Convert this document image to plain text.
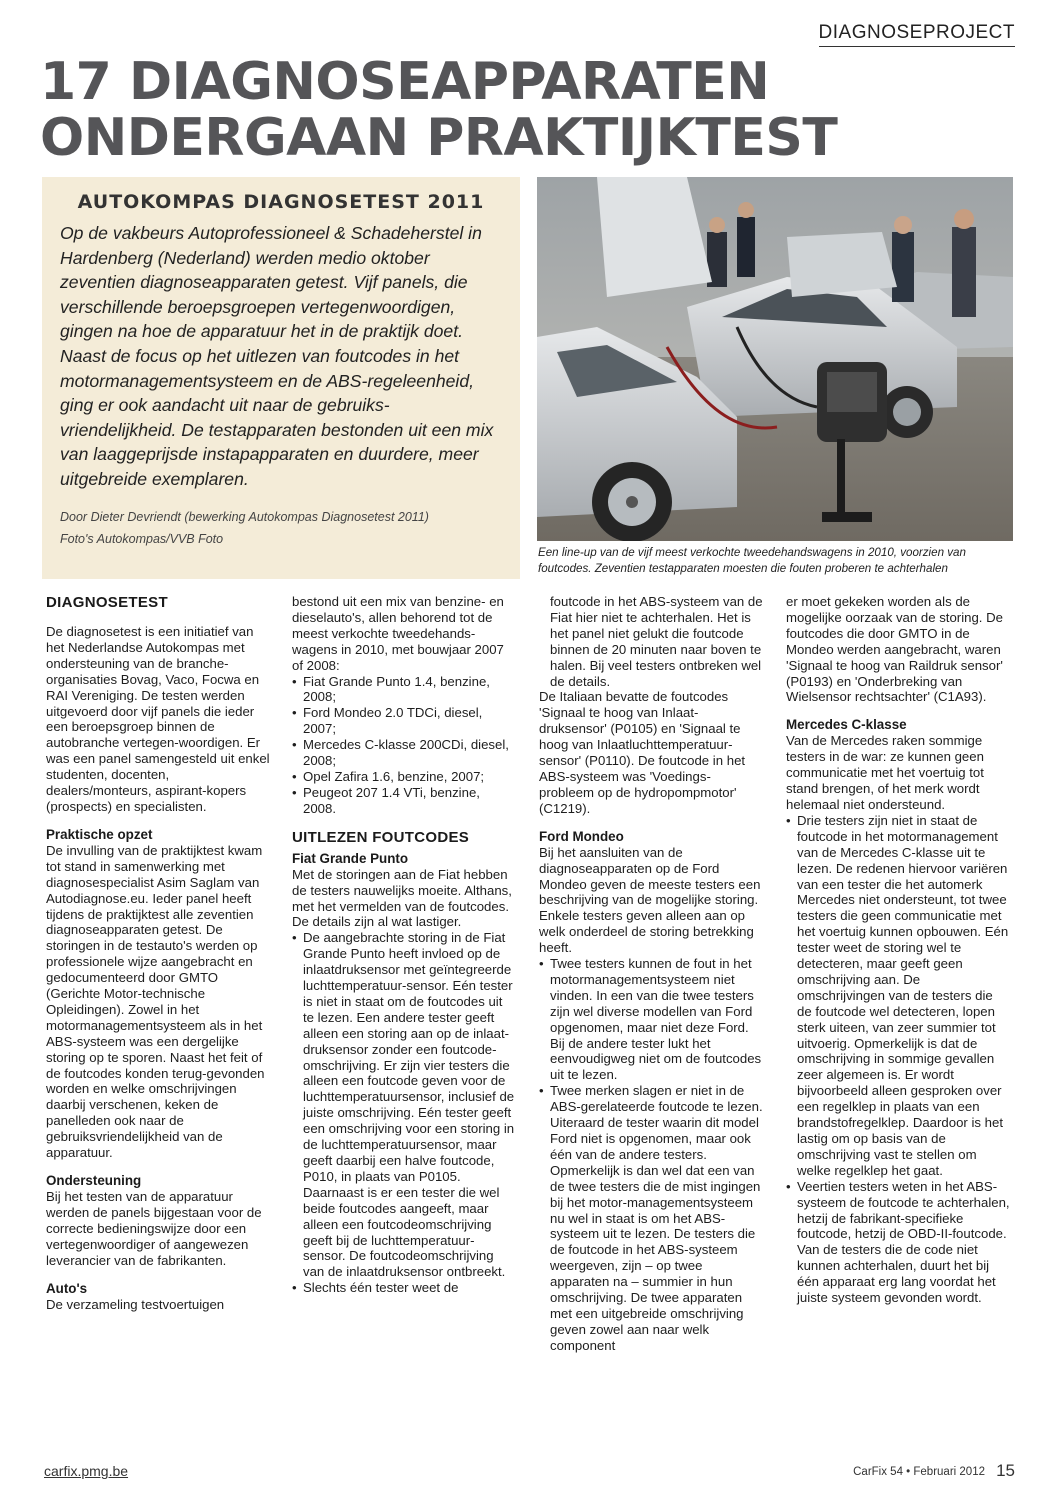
DIAGNOSEPROJECT
17 DIAGNOSEAPPARATEN
ONDERGAAN PRAKTIJKTEST
AUTOKOMPAS DIAGNOSETEST 2011
Op de vakbeurs Autoprofessioneel & Schadeherstel in Hardenberg (Nederland) werden medio oktober zeventien diagnoseapparaten getest. Vijf panels, die verschillende beroepsgroepen vertegenwoordigen, gingen na hoe de apparatuur het in de praktijk doet. Naast de focus op het uitlezen van foutcodes in het motormanagementsysteem en de ABS-regeleenheid, ging er ook aandacht uit naar de gebruiks-vriendelijkheid. De testapparaten bestonden uit een mix van laaggeprijsde instapapparaten en duurdere, meer uitgebreide exemplaren.
Door Dieter Devriendt (bewerking Autokompas Diagnosetest 2011)
Foto's Autokompas/VVB Foto
Een line-up van de vijf meest verkochte tweedehandswagens in 2010, voorzien van foutcodes. Zeventien testapparaten moesten die fouten proberen te achterhalen
DIAGNOSETEST

De diagnosetest is een initiatief van het Nederlandse Autokompas met ondersteuning van de branche-organisaties Bovag, Vaco, Focwa en RAI Vereniging. De testen werden uitgevoerd door vijf panels die ieder een beroepsgroep binnen de autobranche vertegen-woordigen. Er was een panel samengesteld uit enkel studenten, docenten, dealers/monteurs, aspirant-kopers (prospects) en specialisten.

Praktische opzet

De invulling van de praktijktest kwam tot stand in samenwerking met diagnosespecialist Asim Saglam van Autodiagnose.eu. Ieder panel heeft tijdens de praktijktest alle zeventien diagnoseapparaten getest. De storingen in de testauto's werden op professionele wijze aangebracht en gedocumenteerd door GMTO (Gerichte Motor-technische Opleidingen). Zowel in het motormanagementsysteem als in het ABS-systeem was een dergelijke storing op te sporen. Naast het feit of de foutcodes konden terug-gevonden worden en welke omschrijvingen daarbij verschenen, keken de panelleden ook naar de gebruiksvriendelijkheid van de apparatuur.

Ondersteuning

Bij het testen van de apparatuur werden de panels bijgestaan voor de correcte bedieningswijze door een vertegenwoordiger of aangewezen leverancier van de fabrikanten.

Auto's

De verzameling testvoertuigen

bestond uit een mix van benzine- en dieselauto's, allen behorend tot de meest verkochte tweedehands-wagens in 2010, met bouwjaar 2007 of 2008:

• Fiat Grande Punto 1.4, benzine, 2008;
• Ford Mondeo 2.0 TDCi, diesel, 2007;
• Mercedes C-klasse 200CDi, diesel, 2008;
• Opel Zafira 1.6, benzine, 2007;
• Peugeot 207 1.4 VTi, benzine, 2008.
UITLEZEN FOUTCODES
Fiat Grande Punto

Met de storingen aan de Fiat hebben de testers nauwelijks moeite. Althans, met het vermelden van de foutcodes. De details zijn al wat lastiger.

• De aangebrachte storing in de Fiat Grande Punto heeft invloed op de inlaatdruksensor met geïntegreerde luchttemperatuur-sensor. Eén tester is niet in staat om de foutcodes uit te lezen. Een andere tester geeft alleen een storing aan op de inlaat-druksensor zonder een foutcode-omschrijving. Er zijn vier testers die alleen een foutcode geven voor de luchttemperatuursensor, inclusief de juiste omschrijving. Eén tester geeft een omschrijving voor een storing in de luchttemperatuursensor, maar geeft daarbij een halve foutcode, P010, in plaats van P0105. Daarnaast is er een tester die wel beide foutcodes aangeeft, maar alleen een foutcodeomschrijving geeft bij de luchttemperatuur-sensor. De foutcodeomschrijving van de inlaatdruksensor ontbreekt.
• Slechts één tester weet de

foutcode in het ABS-systeem van de Fiat hier niet te achterhalen. Het is het panel niet gelukt die foutcode binnen de 20 minuten naar boven te halen. Bij veel testers ontbreken wel de details.

De Italiaan bevatte de foutcodes 'Signaal te hoog van Inlaat-druksensor' (P0105) en 'Signaal te hoog van Inlaatluchttemperatuur-sensor' (P0110). De foutcode in het ABS-systeem was 'Voedings-probleem op de hydropompmotor' (C1219).

Ford Mondeo

Bij het aansluiten van de diagnoseapparaten op de Ford Mondeo geven de meeste testers een beschrijving van de mogelijke storing. Enkele testers geven alleen aan op welk onderdeel de storing betrekking heeft.

• Twee testers kunnen de fout in het motormanagementsysteem niet vinden. In een van die twee testers zijn wel diverse modellen van Ford opgenomen, maar niet deze Ford. Bij de andere tester lukt het eenvoudigweg niet om de foutcodes uit te lezen.
• Twee merken slagen er niet in de ABS-gerelateerde foutcode te lezen. Uiteraard de tester waarin dit model Ford niet is opgenomen, maar ook één van de andere testers. Opmerkelijk is dan wel dat een van de twee testers die de mist ingingen bij het motor-managementsysteem nu wel in staat is om het ABS-systeem uit te lezen. De testers die de foutcode in het ABS-systeem weergeven, zijn – op twee apparaten na – summier in hun omschrijving. De twee apparaten met een uitgebreide omschrijving geven zowel aan naar welk component

er moet gekeken worden als de mogelijke oorzaak van de storing. De foutcodes die door GMTO in de Mondeo werden aangebracht, waren 'Signaal te hoog van Raildruk sensor' (P0193) en 'Onderbreking van Wielsensor rechtsachter' (C1A93).

Mercedes C-klasse

Van de Mercedes raken sommige testers in de war: ze kunnen geen communicatie met het voertuig tot stand brengen, of het merk wordt helemaal niet ondersteund.

• Drie testers zijn niet in staat de foutcode in het motormanagement van de Mercedes C-klasse uit te lezen. De redenen hiervoor variëren van een tester die het automerk Mercedes niet ondersteunt, tot twee testers die geen communicatie met het voertuig kunnen opbouwen. Eén tester weet de storing wel te detecteren, maar geeft geen omschrijving aan. De omschrijvingen van de testers die de foutcode wel detecteren, lopen sterk uiteen, van zeer summier tot uitvoerig. Opmerkelijk is dat de omschrijving in sommige gevallen zeer algemeen is. Er wordt bijvoorbeeld alleen gesproken over een regelklep in plaats van een brandstofregelklep. Daardoor is het lastig om op basis van de omschrijving vast te stellen om welke regelklep het gaat.
• Veertien testers weten in het ABS-systeem de foutcode te achterhalen, hetzij de fabrikant-specifieke foutcode, hetzij de OBD-II-foutcode. Van de testers die de code niet kunnen achterhalen, duurt het bij één apparaat erg lang voordat het juiste systeem gevonden wordt.
carfix.pmg.be	CarFix 54 • Februari 2012 15
